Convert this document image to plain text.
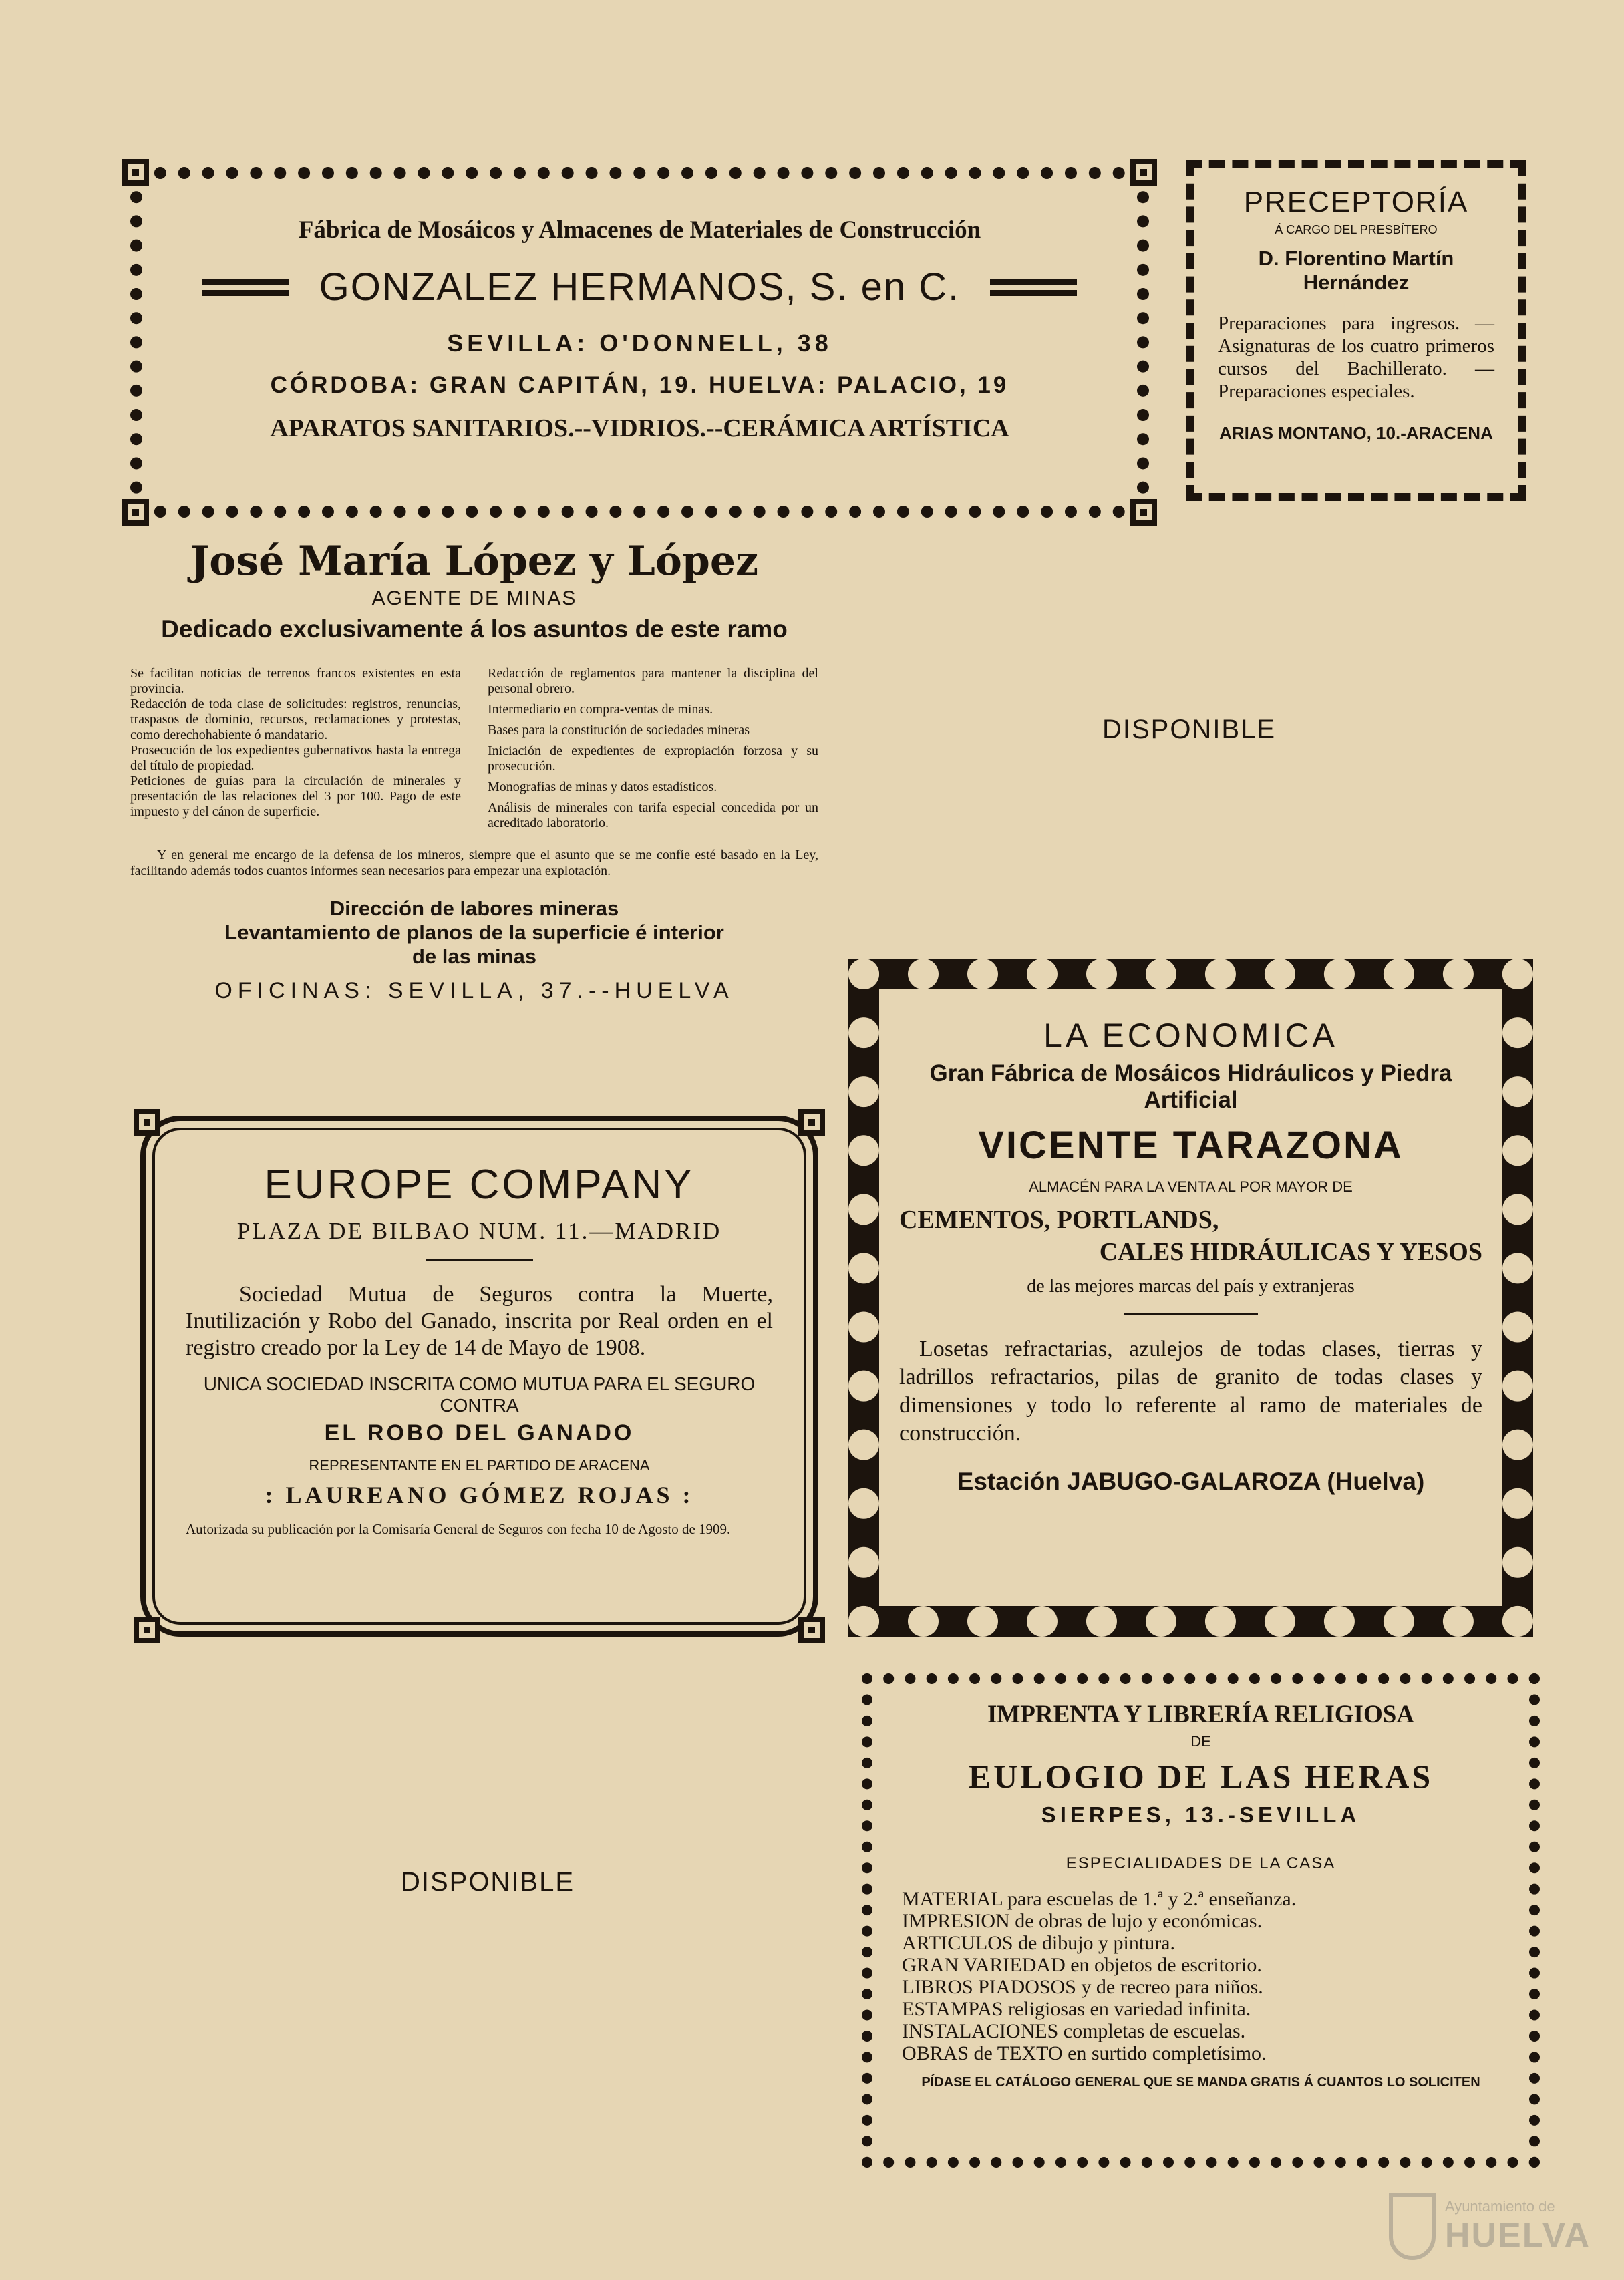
Fábrica de Mosáicos y Almacenes de Materiales de Construcción

GONZALEZ HERMANOS, S. en C.

SEVILLA: O'DONNELL, 38

CÓRDOBA: GRAN CAPITÁN, 19. HUELVA: PALACIO, 19

APARATOS SANITARIOS.--VIDRIOS.--CERÁMICA ARTÍSTICA

PRECEPTORÍA

Á CARGO DEL PRESBÍTERO

D. Florentino Martín Hernández

Preparaciones para ingresos. — Asignaturas de los cuatro primeros cursos del Bachillerato. — Preparaciones especiales.

ARIAS MONTANO, 10.-ARACENA

José María López y López

AGENTE DE MINAS

Dedicado exclusivamente á los asuntos de este ramo

Se facilitan noticias de terrenos francos existentes en esta provincia.

Redacción de toda clase de solicitudes: registros, renuncias, traspasos de dominio, recursos, reclamaciones y protestas, como derechohabiente ó mandatario.

Prosecución de los expedientes gubernativos hasta la entrega del título de propiedad.

Peticiones de guías para la circulación de minerales y presentación de las relaciones del 3 por 100. Pago de este impuesto y del cánon de superficie.

Redacción de reglamentos para mantener la disciplina del personal obrero.

Intermediario en compra-ventas de minas.

Bases para la constitución de sociedades mineras

Iniciación de expedientes de expropiación forzosa y su prosecución.

Monografías de minas y datos estadísticos.

Análisis de minerales con tarifa especial concedida por un acreditado laboratorio.

Y en general me encargo de la defensa de los mineros, siempre que el asunto que se me confíe esté basado en la Ley, facilitando además todos cuantos informes sean necesarios para empezar una explotación.

Dirección de labores mineras

Levantamiento de planos de la superficie é interior

de las minas

OFICINAS: SEVILLA, 37.--HUELVA

DISPONIBLE

EUROPE COMPANY

PLAZA DE BILBAO NUM. 11.—MADRID

Sociedad Mutua de Seguros contra la Muerte, Inutilización y Robo del Ganado, inscrita por Real orden en el registro creado por la Ley de 14 de Mayo de 1908.

UNICA SOCIEDAD INSCRITA COMO MUTUA PARA EL SEGURO CONTRA

EL ROBO DEL GANADO

REPRESENTANTE EN EL PARTIDO DE ARACENA

: LAUREANO GÓMEZ ROJAS :

Autorizada su publicación por la Comisaría General de Seguros con fecha 10 de Agosto de 1909.

LA ECONOMICA

Gran Fábrica de Mosáicos Hidráulicos y Piedra Artificial

VICENTE TARAZONA

ALMACÉN PARA LA VENTA AL POR MAYOR DE

CEMENTOS, PORTLANDS,

CALES HIDRÁULICAS Y YESOS

de las mejores marcas del país y extranjeras

Losetas refractarias, azulejos de todas clases, tierras y ladrillos refractarios, pilas de granito de todas clases y dimensiones y todo lo referente al ramo de materiales de construcción.

Estación JABUGO-GALAROZA (Huelva)

DISPONIBLE

IMPRENTA Y LIBRERÍA RELIGIOSA

DE

EULOGIO DE LAS HERAS

SIERPES, 13.-SEVILLA

ESPECIALIDADES DE LA CASA

MATERIAL para escuelas de 1.ª y 2.ª enseñanza.

IMPRESION de obras de lujo y económicas.

ARTICULOS de dibujo y pintura.

GRAN VARIEDAD en objetos de escritorio.

LIBROS PIADOSOS y de recreo para niños.

ESTAMPAS religiosas en variedad infinita.

INSTALACIONES completas de escuelas.

OBRAS de TEXTO en surtido completísimo.

PÍDASE EL CATÁLOGO GENERAL QUE SE MANDA GRATIS Á CUANTOS LO SOLICITEN

Ayuntamiento de

HUELVA
